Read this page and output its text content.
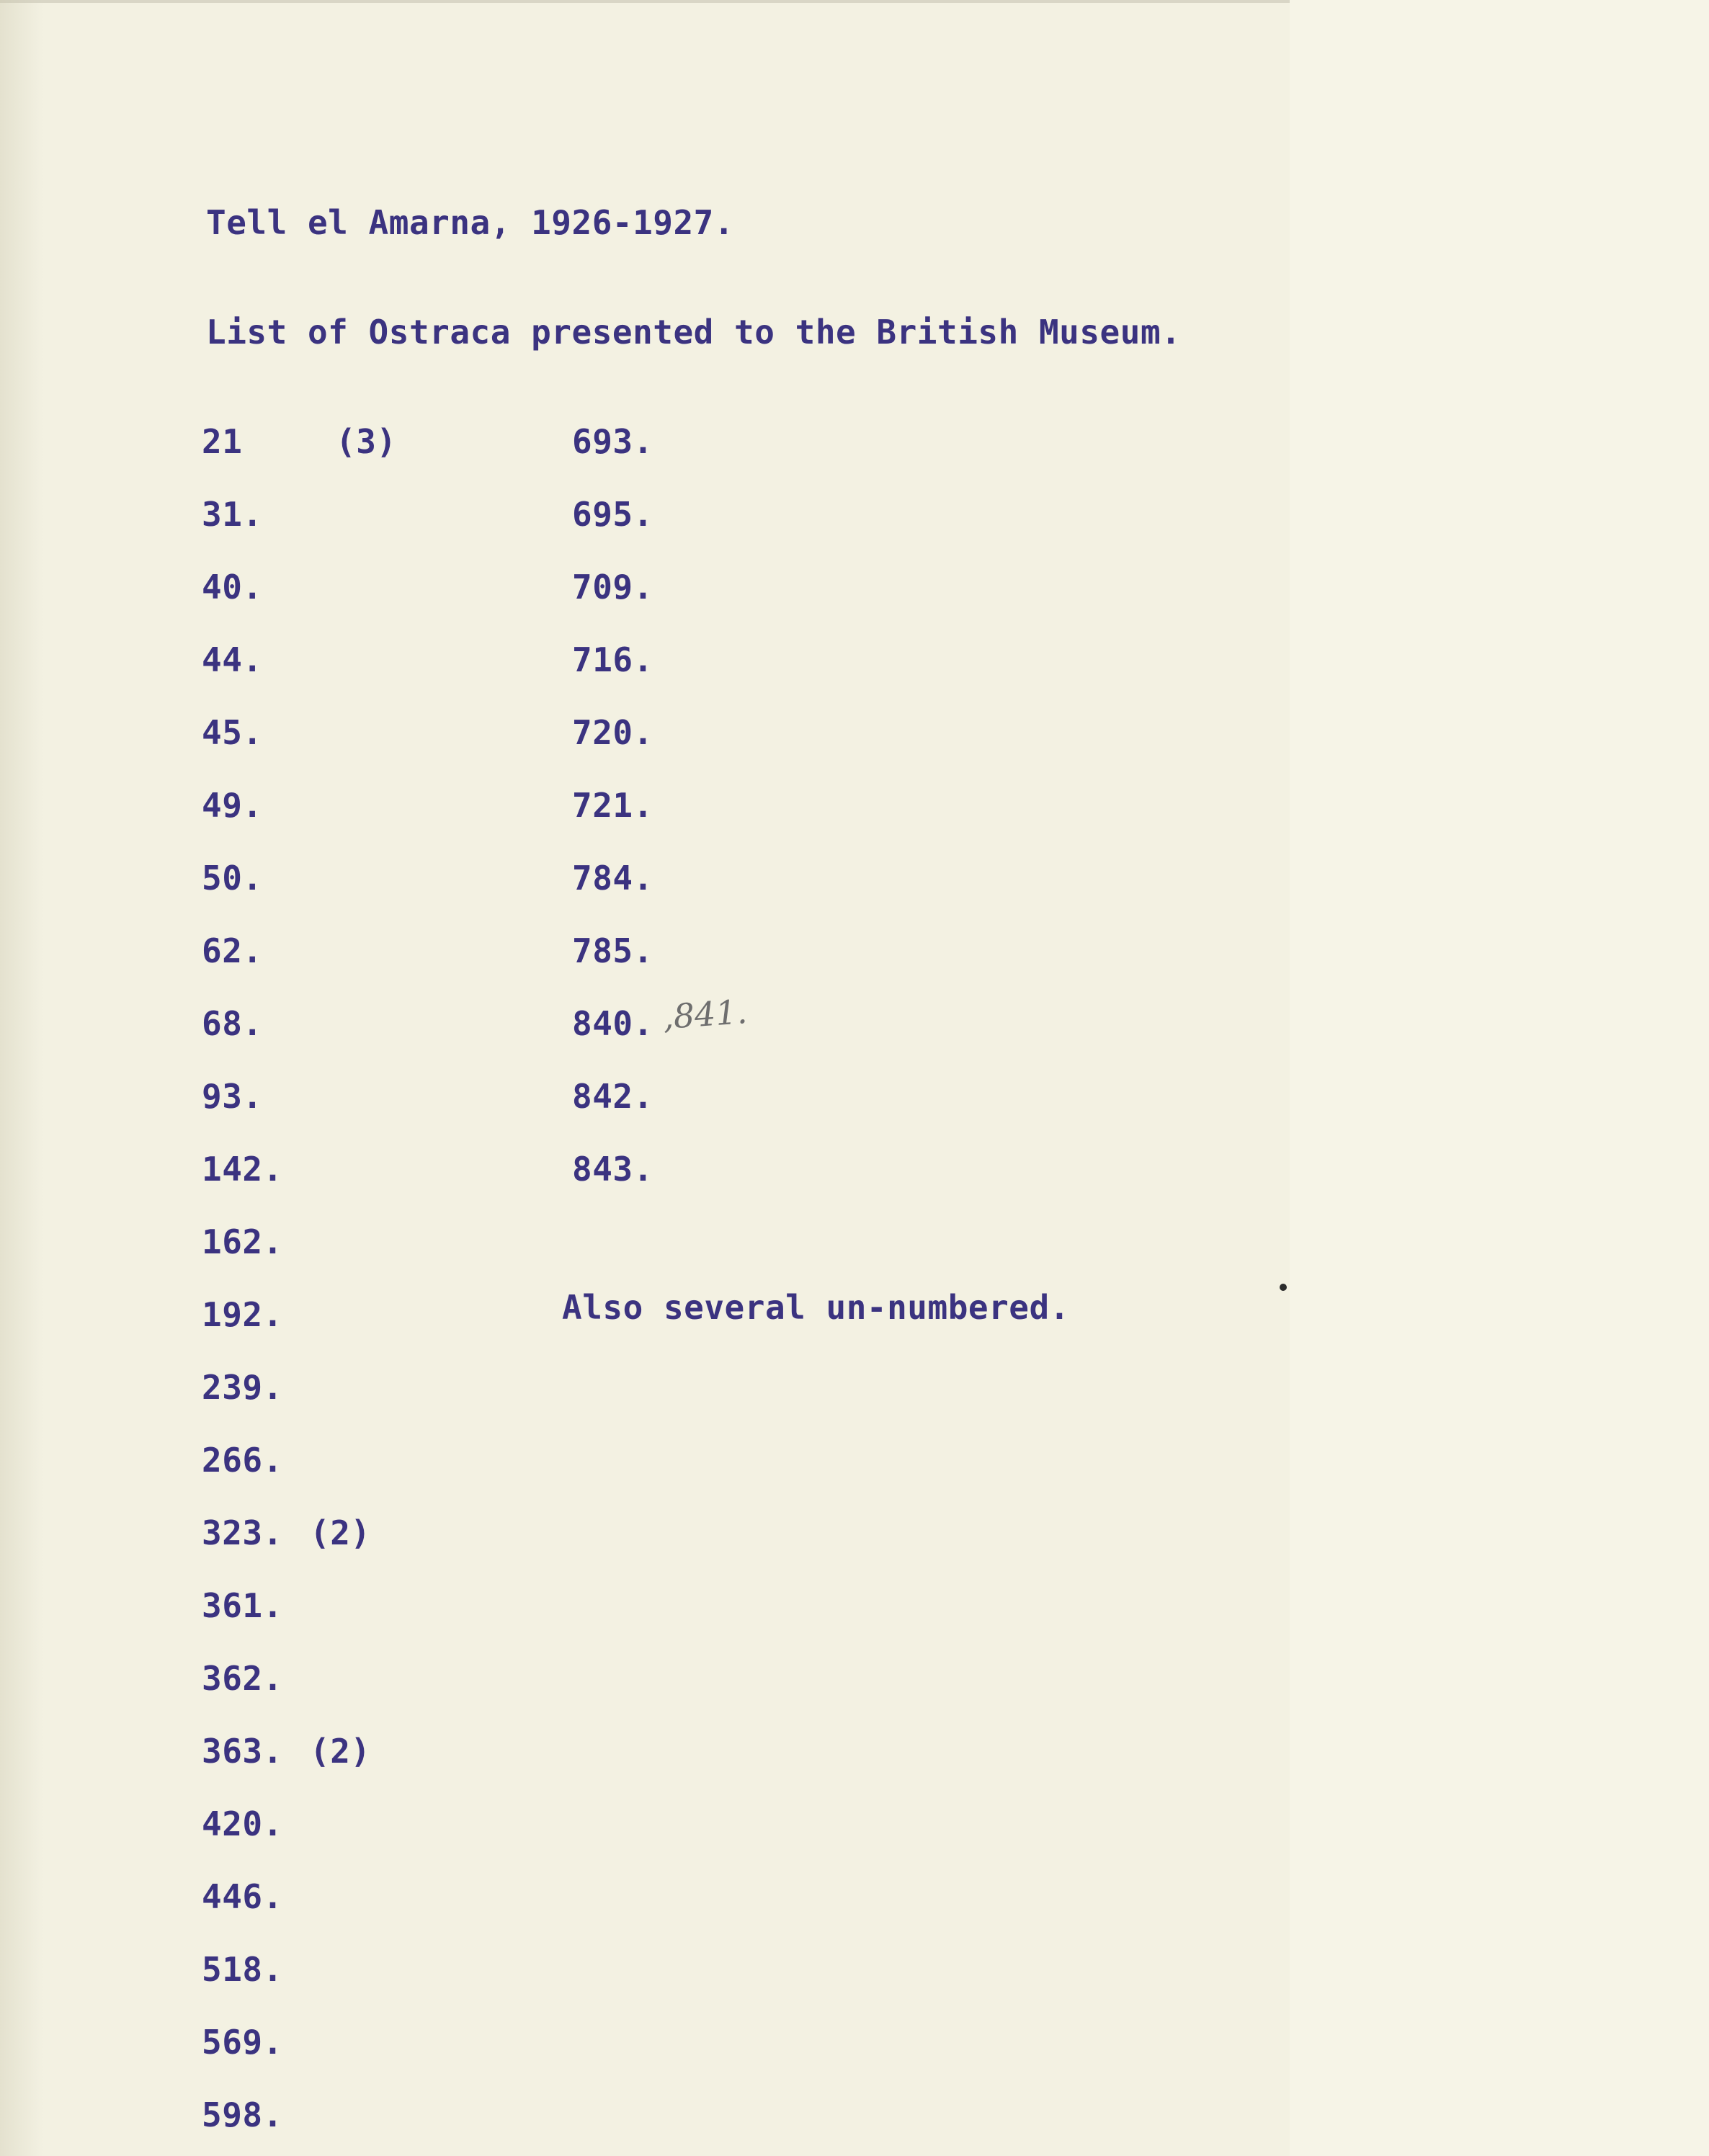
Tell el Amarna, 1926-1927.
List of Ostraca presented to the British Museum.
,841.
Also several un-numbered.
21	(3)
31.
40.
44.
45.
49.
50.
62.
68.
93.
142.
162.
192.
239.
266.
323. (2)
361.
362.
363. (2)
420.
446.
518.
569.
598.
693.
695.
709.
716.
720.
721.
784.
785.
840.
842.
843.
